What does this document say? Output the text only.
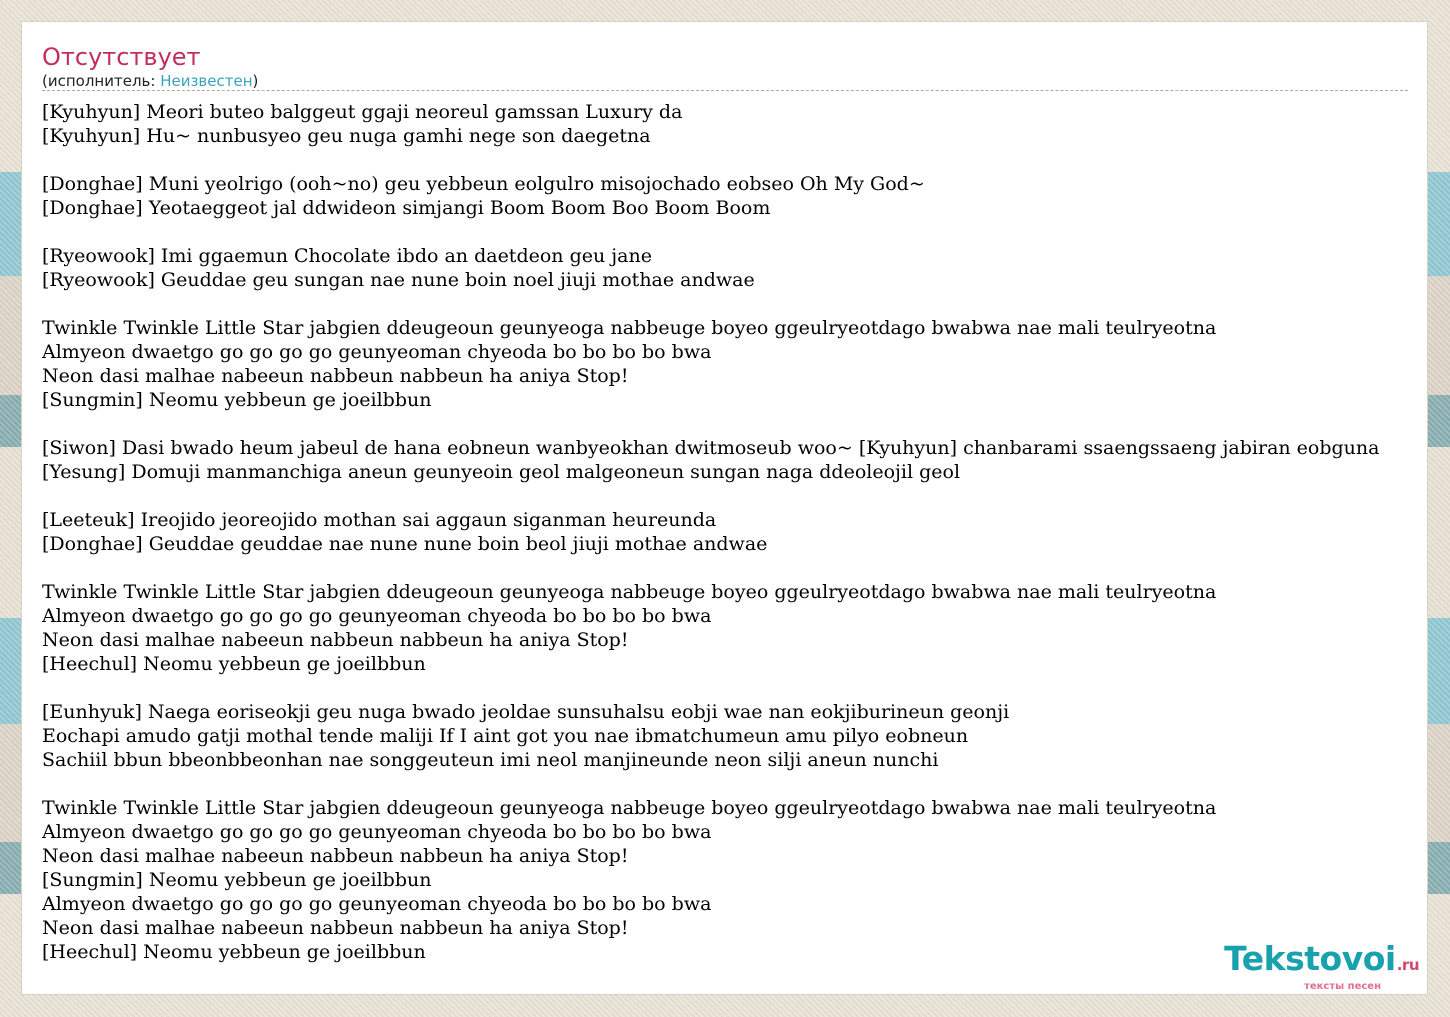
Отсутствует
(исполнитель: Неизвестен)
[Kyuhyun] Meori buteo balggeut ggaji neoreul gamssan Luxury da
[Kyuhyun] Hu~ nunbusyeo geu nuga gamhi nege son daegetna
[Donghae] Muni yeolrigo (ooh~no) geu yebbeun eolgulro misojochado eobseo Oh My God~
[Donghae] Yeotaeggeot jal ddwideon simjangi Boom Boom Boo Boom Boom
[Ryeowook] Imi ggaemun Chocolate ibdo an daetdeon geu jane
[Ryeowook] Geuddae geu sungan nae nune boin noel jiuji mothae andwae
Twinkle Twinkle Little Star jabgien ddeugeoun geunyeoga nabbeuge boyeo ggeulryeotdago bwabwa nae mali teulryeotna
Almyeon dwaetgo go go go go geunyeoman chyeoda bo bo bo bo bwa
Neon dasi malhae nabeeun nabbeun nabbeun ha aniya Stop!
[Sungmin] Neomu yebbeun ge joeilbbun
[Siwon] Dasi bwado heum jabeul de hana eobneun wanbyeokhan dwitmoseub woo~ [Kyuhyun] chanbarami ssaengssaeng jabiran eobguna
[Yesung] Domuji manmanchiga aneun geunyeoin geol malgeoneun sungan naga ddeoleojil geol
[Leeteuk] Ireojido jeoreojido mothan sai aggaun siganman heureunda
[Donghae] Geuddae geuddae nae nune nune boin beol jiuji mothae andwae
Twinkle Twinkle Little Star jabgien ddeugeoun geunyeoga nabbeuge boyeo ggeulryeotdago bwabwa nae mali teulryeotna
Almyeon dwaetgo go go go go geunyeoman chyeoda bo bo bo bo bwa
Neon dasi malhae nabeeun nabbeun nabbeun ha aniya Stop!
[Heechul] Neomu yebbeun ge joeilbbun
[Eunhyuk] Naega eoriseokji geu nuga bwado jeoldae sunsuhalsu eobji wae nan eokjiburineun geonji
Eochapi amudo gatji mothal tende maliji If I aint got you nae ibmatchumeun amu pilyo eobneun
Sachiil bbun bbeonbbeonhan nae songgeuteun imi neol manjineunde neon silji aneun nunchi
Twinkle Twinkle Little Star jabgien ddeugeoun geunyeoga nabbeuge boyeo ggeulryeotdago bwabwa nae mali teulryeotna
Almyeon dwaetgo go go go go geunyeoman chyeoda bo bo bo bo bwa
Neon dasi malhae nabeeun nabbeun nabbeun ha aniya Stop!
[Sungmin] Neomu yebbeun ge joeilbbun
Almyeon dwaetgo go go go go geunyeoman chyeoda bo bo bo bo bwa
Neon dasi malhae nabeeun nabbeun nabbeun ha aniya Stop!
[Heechul] Neomu yebbeun ge joeilbbun	Tekstovoi.ru
тексты песен
